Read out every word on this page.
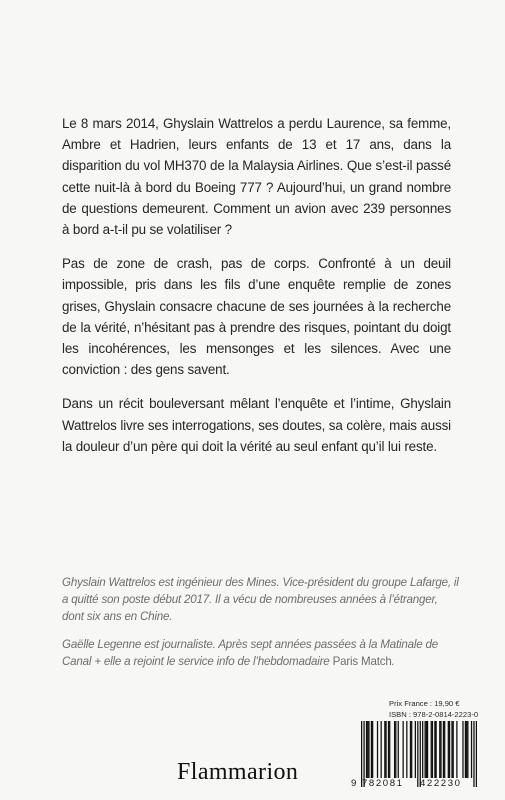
Le 8 mars 2014, Ghyslain Wattrelos a perdu Laurence, sa femme, Ambre et Hadrien, leurs enfants de 13 et 17 ans, dans la disparition du vol MH370 de la Malaysia Airlines. Que s’est-il passé cette nuit-là à bord du Boeing 777 ? Aujourd’hui, un grand nombre de questions demeurent. Comment un avion avec 239 personnes à bord a-t-il pu se volatiliser ?

Pas de zone de crash, pas de corps. Confronté à un deuil impossible, pris dans les fils d’une enquête remplie de zones grises, Ghyslain consacre chacune de ses journées à la recherche de la vérité, n’hésitant pas à prendre des risques, pointant du doigt les incohérences, les mensonges et les silences. Avec une conviction : des gens savent.

Dans un récit bouleversant mêlant l’enquête et l’intime, Ghyslain Wattrelos livre ses interrogations, ses doutes, sa colère, mais aussi la douleur d’un père qui doit la vérité au seul enfant qu’il lui reste.

Ghyslain Wattrelos est ingénieur des Mines. Vice-président du groupe Lafarge, il a quitté son poste début 2017. Il a vécu de nombreuses années à l’étranger, dont six ans en Chine.

Gaëlle Legenne est journaliste. Après sept années passées à la Matinale de Canal + elle a rejoint le service info de l’hebdomadaire Paris Match.

Prix France : 19,90 €
ISBN : 978-2-0814-2223-0
9 782081	422230
Flammarion
